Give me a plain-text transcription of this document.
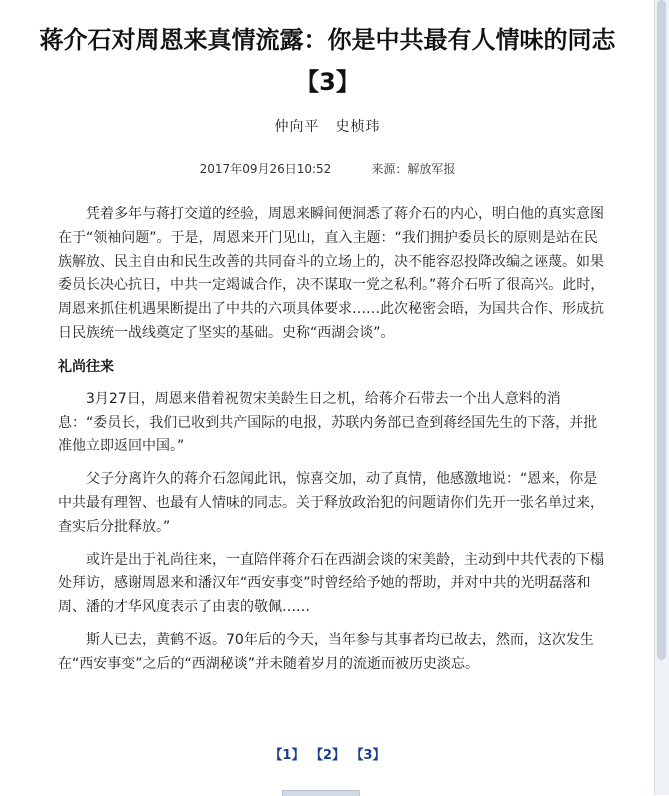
蒋介石对周恩来真情流露：你是中共最有人情味的同志
【3】
仲向平 史桢玮
2017年09月26日10:52	来源：解放军报

凭着多年与蒋打交道的经验，周恩来瞬间便洞悉了蒋介石的内心，明白他的真实意图在于“领袖问题”。于是，周恩来开门见山，直入主题：“我们拥护委员长的原则是站在民族解放、民主自由和民生改善的共同奋斗的立场上的，决不能容忍投降改编之诬蔑。如果委员长决心抗日，中共一定竭诚合作，决不谋取一党之私利。”蒋介石听了很高兴。此时，周恩来抓住机遇果断提出了中共的六项具体要求……此次秘密会晤，为国共合作、形成抗日民族统一战线奠定了坚实的基础。史称“西湖会谈”。

礼尚往来

3月27日，周恩来借着祝贺宋美龄生日之机，给蒋介石带去一个出人意料的消息：“委员长，我们已收到共产国际的电报，苏联内务部已查到蒋经国先生的下落，并批准他立即返回中国。”

父子分离许久的蒋介石忽闻此讯，惊喜交加，动了真情，他感激地说：“恩来，你是中共最有理智、也最有人情味的同志。关于释放政治犯的问题请你们先开一张名单过来，查实后分批释放。”

或许是出于礼尚往来，一直陪伴蒋介石在西湖会谈的宋美龄，主动到中共代表的下榻处拜访，感谢周恩来和潘汉年“西安事变”时曾经给予她的帮助，并对中共的光明磊落和周、潘的才华风度表示了由衷的敬佩……

斯人已去，黄鹤不返。70年后的今天，当年参与其事者均已故去，然而，这次发生在“西安事变”之后的“西湖秘谈”并未随着岁月的流逝而被历史淡忘。

【1】 【2】 【3】
